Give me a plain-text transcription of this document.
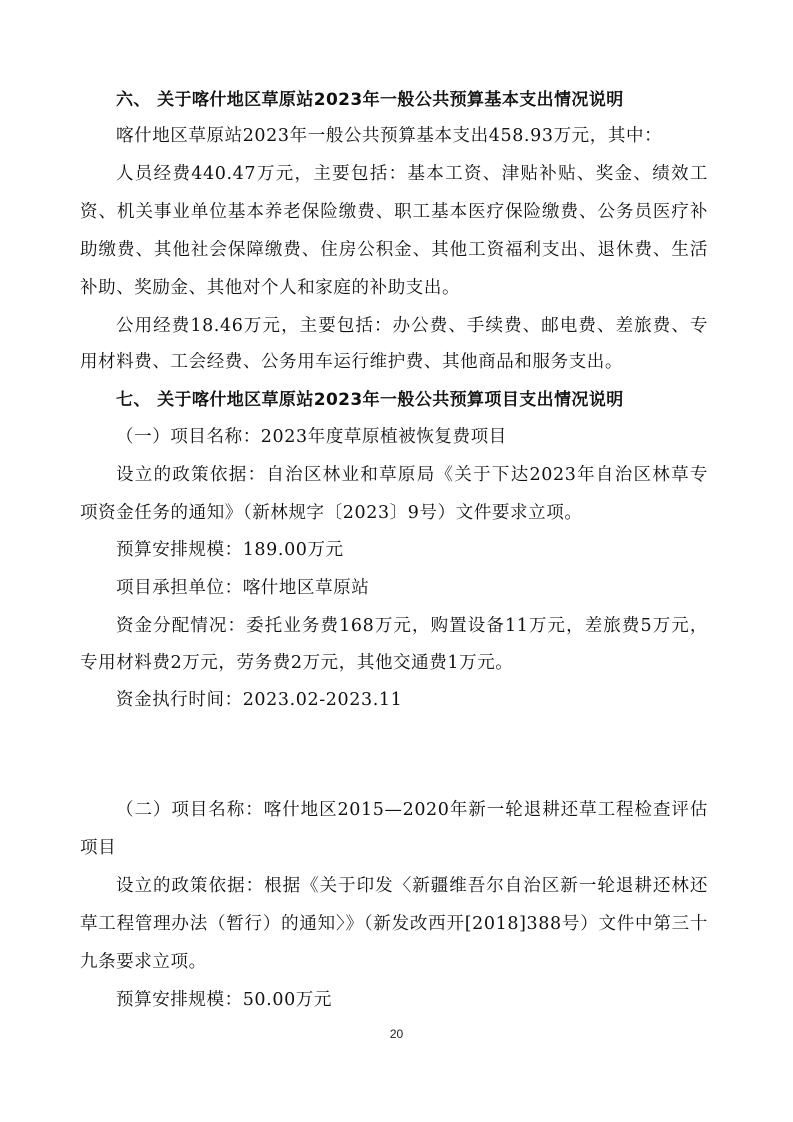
六、 关于喀什地区草原站2023年一般公共预算基本支出情况说明
喀什地区草原站2023年一般公共预算基本支出458.93万元，其中：
人员经费440.47万元，主要包括：基本工资、津贴补贴、奖金、绩效工
资、机关事业单位基本养老保险缴费、职工基本医疗保险缴费、公务员医疗补
助缴费、其他社会保障缴费、住房公积金、其他工资福利支出、退休费、生活
补助、奖励金、其他对个人和家庭的补助支出。
公用经费18.46万元，主要包括：办公费、手续费、邮电费、差旅费、专
用材料费、工会经费、公务用车运行维护费、其他商品和服务支出。
七、 关于喀什地区草原站2023年一般公共预算项目支出情况说明
（一）项目名称：2023年度草原植被恢复费项目
设立的政策依据：自治区林业和草原局《关于下达2023年自治区林草专
项资金任务的通知》（新林规字〔2023〕9号）文件要求立项。
预算安排规模：189.00万元
项目承担单位：喀什地区草原站
资金分配情况：委托业务费168万元，购置设备11万元，差旅费5万元，
专用材料费2万元，劳务费2万元，其他交通费1万元。
资金执行时间：2023.02-2023.11
（二）项目名称：喀什地区2015—2020年新一轮退耕还草工程检查评估
项目
设立的政策依据：根据《关于印发〈新疆维吾尔自治区新一轮退耕还林还
草工程管理办法（暂行）的通知〉》（新发改西开[2018]388号）文件中第三十
九条要求立项。
预算安排规模：50.00万元
20
